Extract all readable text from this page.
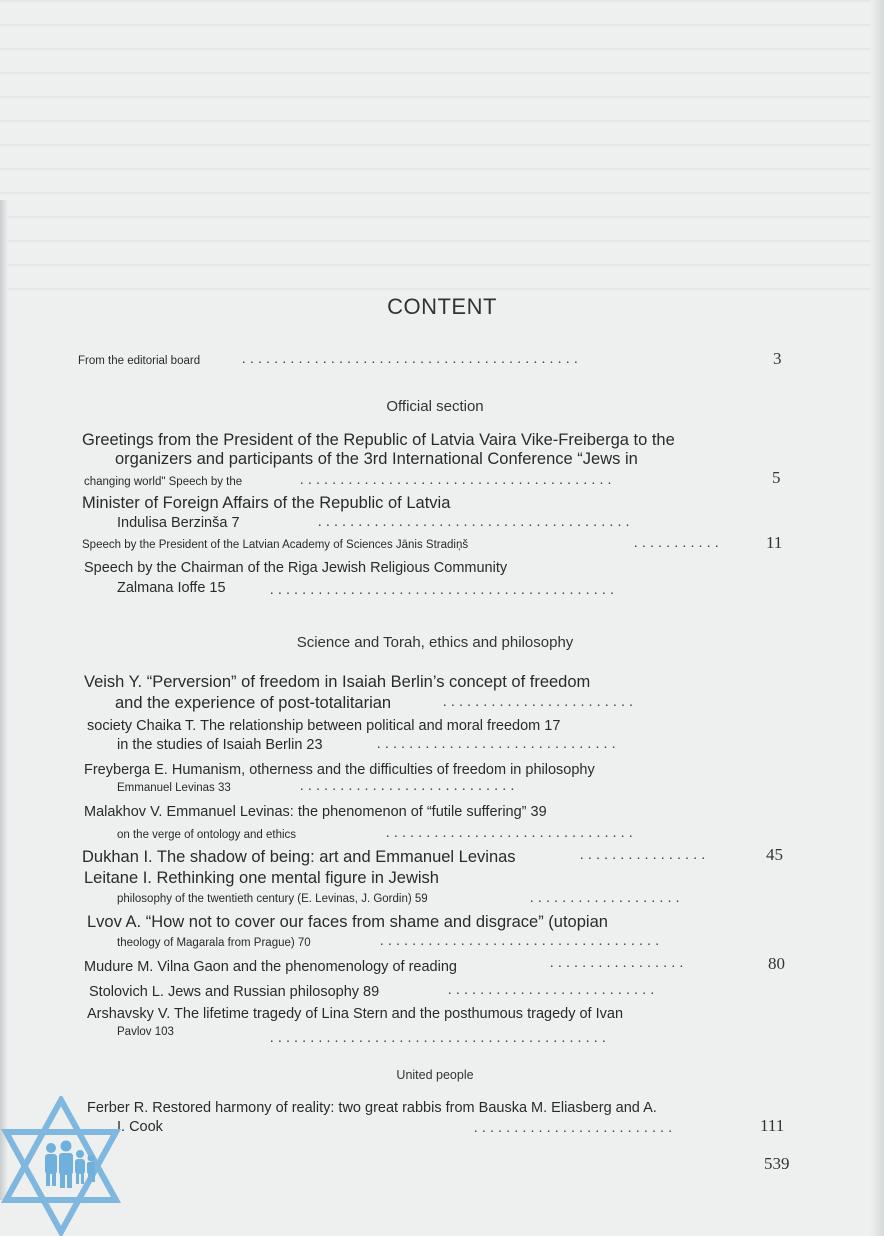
CONTENT
From the editorial board	..........................................	3
Official section
Greetings from the President of the Republic of Latvia Vaira Vike-Freiberga to the
organizers and participants of the 3rd International Conference “Jews in
changing world" Speech by the	.......................................	5
Minister of Foreign Affairs of the Republic of Latvia
Indulisa Berzinša 7	.......................................
Speech by the President of the Latvian Academy of Sciences Jānis Stradiņš	...........	11
Speech by the Chairman of the Riga Jewish Religious Community
Zalmana Ioffe 15	...........................................
Science and Torah, ethics and philosophy
Veish Y. “Perversion” of freedom in Isaiah Berlin’s concept of freedom
and the experience of post-totalitarian	........................
society Chaika T. The relationship between political and moral freedom 17
in the studies of Isaiah Berlin 23	..............................
Freyberga E. Humanism, otherness and the difficulties of freedom in philosophy
Emmanuel Levinas 33	...........................
Malakhov V. Emmanuel Levinas: the phenomenon of “futile suffering” 39
on the verge of ontology and ethics	...............................
Dukhan I. The shadow of being: art and Emmanuel Levinas	................	45
Leitane I. Rethinking one mental figure in Jewish
philosophy of the twentieth century (E. Levinas, J. Gordin) 59	...................
Lvov A. “How not to cover our faces from shame and disgrace” (utopian
theology of Magarala from Prague) 70	...................................
Mudure M. Vilna Gaon and the phenomenology of reading	.................	80
Stolovich L. Jews and Russian philosophy 89	..........................
Arshavsky V. The lifetime tragedy of Lina Stern and the posthumous tragedy of Ivan
Pavlov 103	..........................................
United people
Ferber R. Restored harmony of reality: two great rabbis from Bauska M. Eliasberg and A.
I. Cook	.........................	111
539
